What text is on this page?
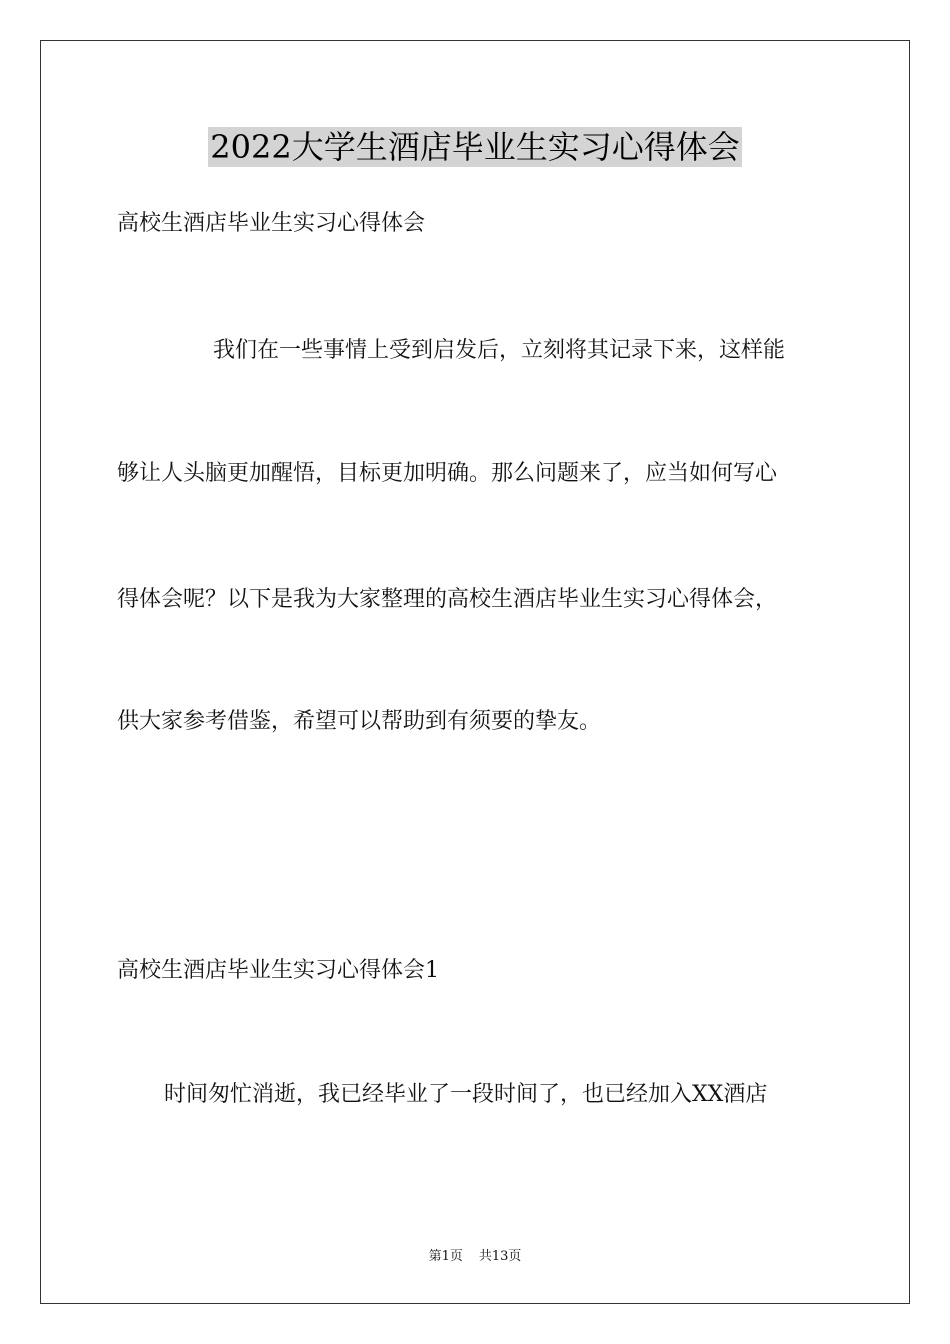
2022大学生酒店毕业生实习心得体会
高校生酒店毕业生实习心得体会
我们在一些事情上受到启发后，立刻将其记录下来，这样能
够让人头脑更加醒悟，目标更加明确。那么问题来了，应当如何写心
得体会呢？以下是我为大家整理的高校生酒店毕业生实习心得体会，
供大家参考借鉴，希望可以帮助到有须要的挚友。
高校生酒店毕业生实习心得体会1
时间匆忙消逝，我已经毕业了一段时间了，也已经加入XX酒店
第1页 共13页
